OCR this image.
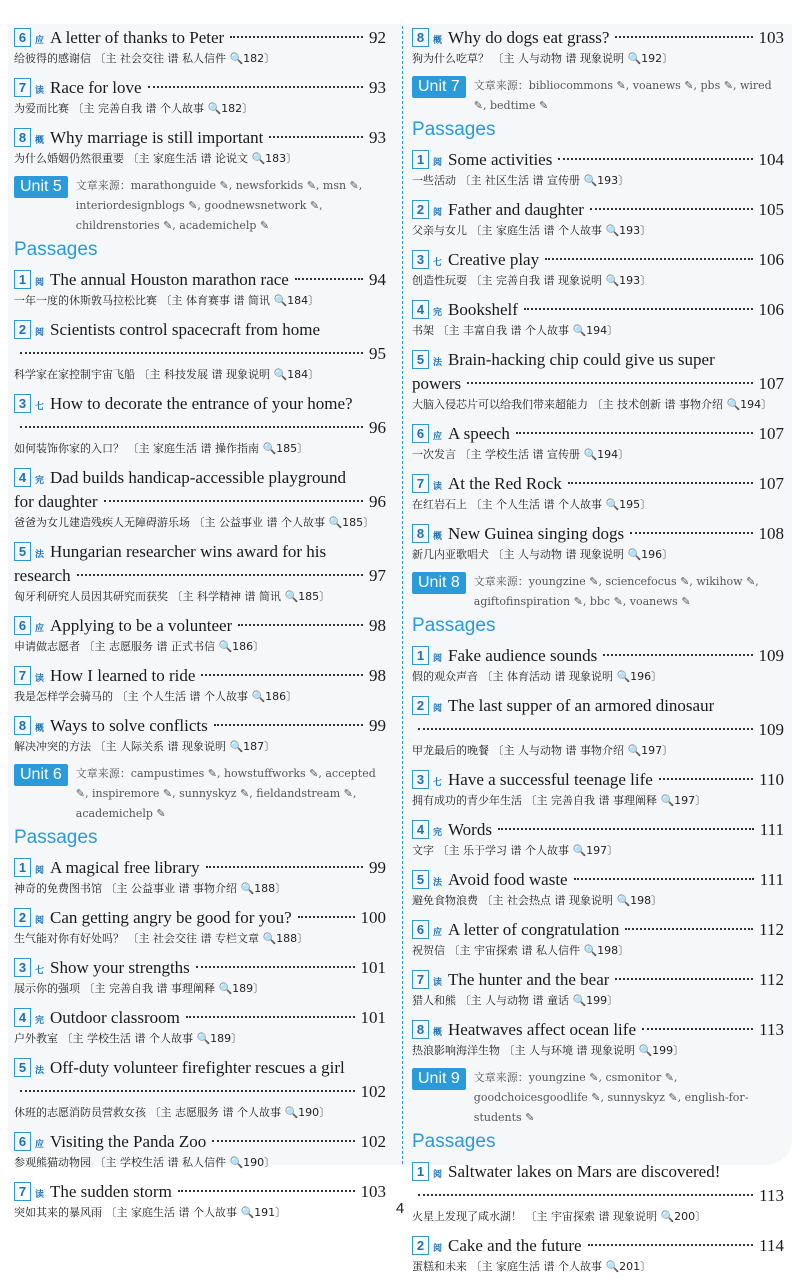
6 应 A letter of thanks to Peter	92
给彼得的感谢信 〔主 社会交往 谱 私人信件 🔍182〕
7 读 Race for love	93
为爱而比赛 〔主 完善自我 谱 个人故事 🔍182〕
8 概 Why marriage is still important	93
为什么婚姻仍然很重要 〔主 家庭生活 谱 论说文 🔍183〕
Unit 5	文章来源：marathonguide ✎, newsforkids ✎, msn ✎, interiordesignblogs ✎, goodnewsnetwork ✎, childrenstories ✎, academichelp ✎
Passages
1 阅 The annual Houston marathon race	94
一年一度的休斯敦马拉松比赛 〔主 体育赛事 谱 简讯 🔍184〕
2 阅 Scientists control spacecraft from home
95
科学家在家控制宇宙飞船 〔主 科技发展 谱 现象说明 🔍184〕
3 七 How to decorate the entrance of your home?
96
如何装饰你家的入口？ 〔主 家庭生活 谱 操作指南 🔍185〕
4 完 Dad builds handicap-accessible playground
for daughter	96
爸爸为女儿建造残疾人无障碍游乐场 〔主 公益事业 谱 个人故事 🔍185〕
5 法 Hungarian researcher wins award for his
research	97
匈牙利研究人员因其研究而获奖 〔主 科学精神 谱 简讯 🔍185〕
6 应 Applying to be a volunteer	98
申请做志愿者 〔主 志愿服务 谱 正式书信 🔍186〕
7 读 How I learned to ride	98
我是怎样学会骑马的 〔主 个人生活 谱 个人故事 🔍186〕
8 概 Ways to solve conflicts	99
解决冲突的方法 〔主 人际关系 谱 现象说明 🔍187〕
Unit 6	文章来源：campustimes ✎, howstuffworks ✎, accepted ✎, inspiremore ✎, sunnyskyz ✎, fieldandstream ✎, academichelp ✎
Passages
1 阅 A magical free library	99
神奇的免费图书馆 〔主 公益事业 谱 事物介绍 🔍188〕
2 阅 Can getting angry be good for you?	100
生气能对你有好处吗？ 〔主 社会交往 谱 专栏文章 🔍188〕
3 七 Show your strengths	101
展示你的强项 〔主 完善自我 谱 事理阐释 🔍189〕
4 完 Outdoor classroom	101
户外教室 〔主 学校生活 谱 个人故事 🔍189〕
5 法 Off-duty volunteer firefighter rescues a girl
102
休班的志愿消防员营救女孩 〔主 志愿服务 谱 个人故事 🔍190〕
6 应 Visiting the Panda Zoo	102
参观熊猫动物园 〔主 学校生活 谱 私人信件 🔍190〕
7 读 The sudden storm	103
突如其来的暴风雨 〔主 家庭生活 谱 个人故事 🔍191〕
8 概 Why do dogs eat grass?	103
狗为什么吃草？ 〔主 人与动物 谱 现象说明 🔍192〕
Unit 7	文章来源：bibliocommons ✎, voanews ✎, pbs ✎, wired ✎, bedtime ✎
Passages
1 阅 Some activities	104
一些活动 〔主 社区生活 谱 宣传册 🔍193〕
2 阅 Father and daughter	105
父亲与女儿 〔主 家庭生活 谱 个人故事 🔍193〕
3 七 Creative play	106
创造性玩耍 〔主 完善自我 谱 现象说明 🔍193〕
4 完 Bookshelf	106
书架 〔主 丰富自我 谱 个人故事 🔍194〕
5 法 Brain-hacking chip could give us super
powers	107
大脑入侵芯片可以给我们带来超能力 〔主 技术创新 谱 事物介绍 🔍194〕
6 应 A speech	107
一次发言 〔主 学校生活 谱 宣传册 🔍194〕
7 读 At the Red Rock	107
在红岩石上 〔主 个人生活 谱 个人故事 🔍195〕
8 概 New Guinea singing dogs	108
新几内亚歌唱犬 〔主 人与动物 谱 现象说明 🔍196〕
Unit 8	文章来源：youngzine ✎, sciencefocus ✎, wikihow ✎, agiftofinspiration ✎, bbc ✎, voanews ✎
Passages
1 阅 Fake audience sounds	109
假的观众声音 〔主 体育活动 谱 现象说明 🔍196〕
2 阅 The last supper of an armored dinosaur
109
甲龙最后的晚餐 〔主 人与动物 谱 事物介绍 🔍197〕
3 七 Have a successful teenage life	110
拥有成功的青少年生活 〔主 完善自我 谱 事理阐释 🔍197〕
4 完 Words	111
文字 〔主 乐于学习 谱 个人故事 🔍197〕
5 法 Avoid food waste	111
避免食物浪费 〔主 社会热点 谱 现象说明 🔍198〕
6 应 A letter of congratulation	112
祝贺信 〔主 宇宙探索 谱 私人信件 🔍198〕
7 读 The hunter and the bear	112
猎人和熊 〔主 人与动物 谱 童话 🔍199〕
8 概 Heatwaves affect ocean life	113
热浪影响海洋生物 〔主 人与环境 谱 现象说明 🔍199〕
Unit 9	文章来源：youngzine ✎, csmonitor ✎, goodchoicesgoodlife ✎, sunnyskyz ✎, english-for-students ✎
Passages
1 阅 Saltwater lakes on Mars are discovered!
113
火星上发现了咸水湖！ 〔主 宇宙探索 谱 现象说明 🔍200〕
2 阅 Cake and the future	114
蛋糕和未来 〔主 家庭生活 谱 个人故事 🔍201〕
4
